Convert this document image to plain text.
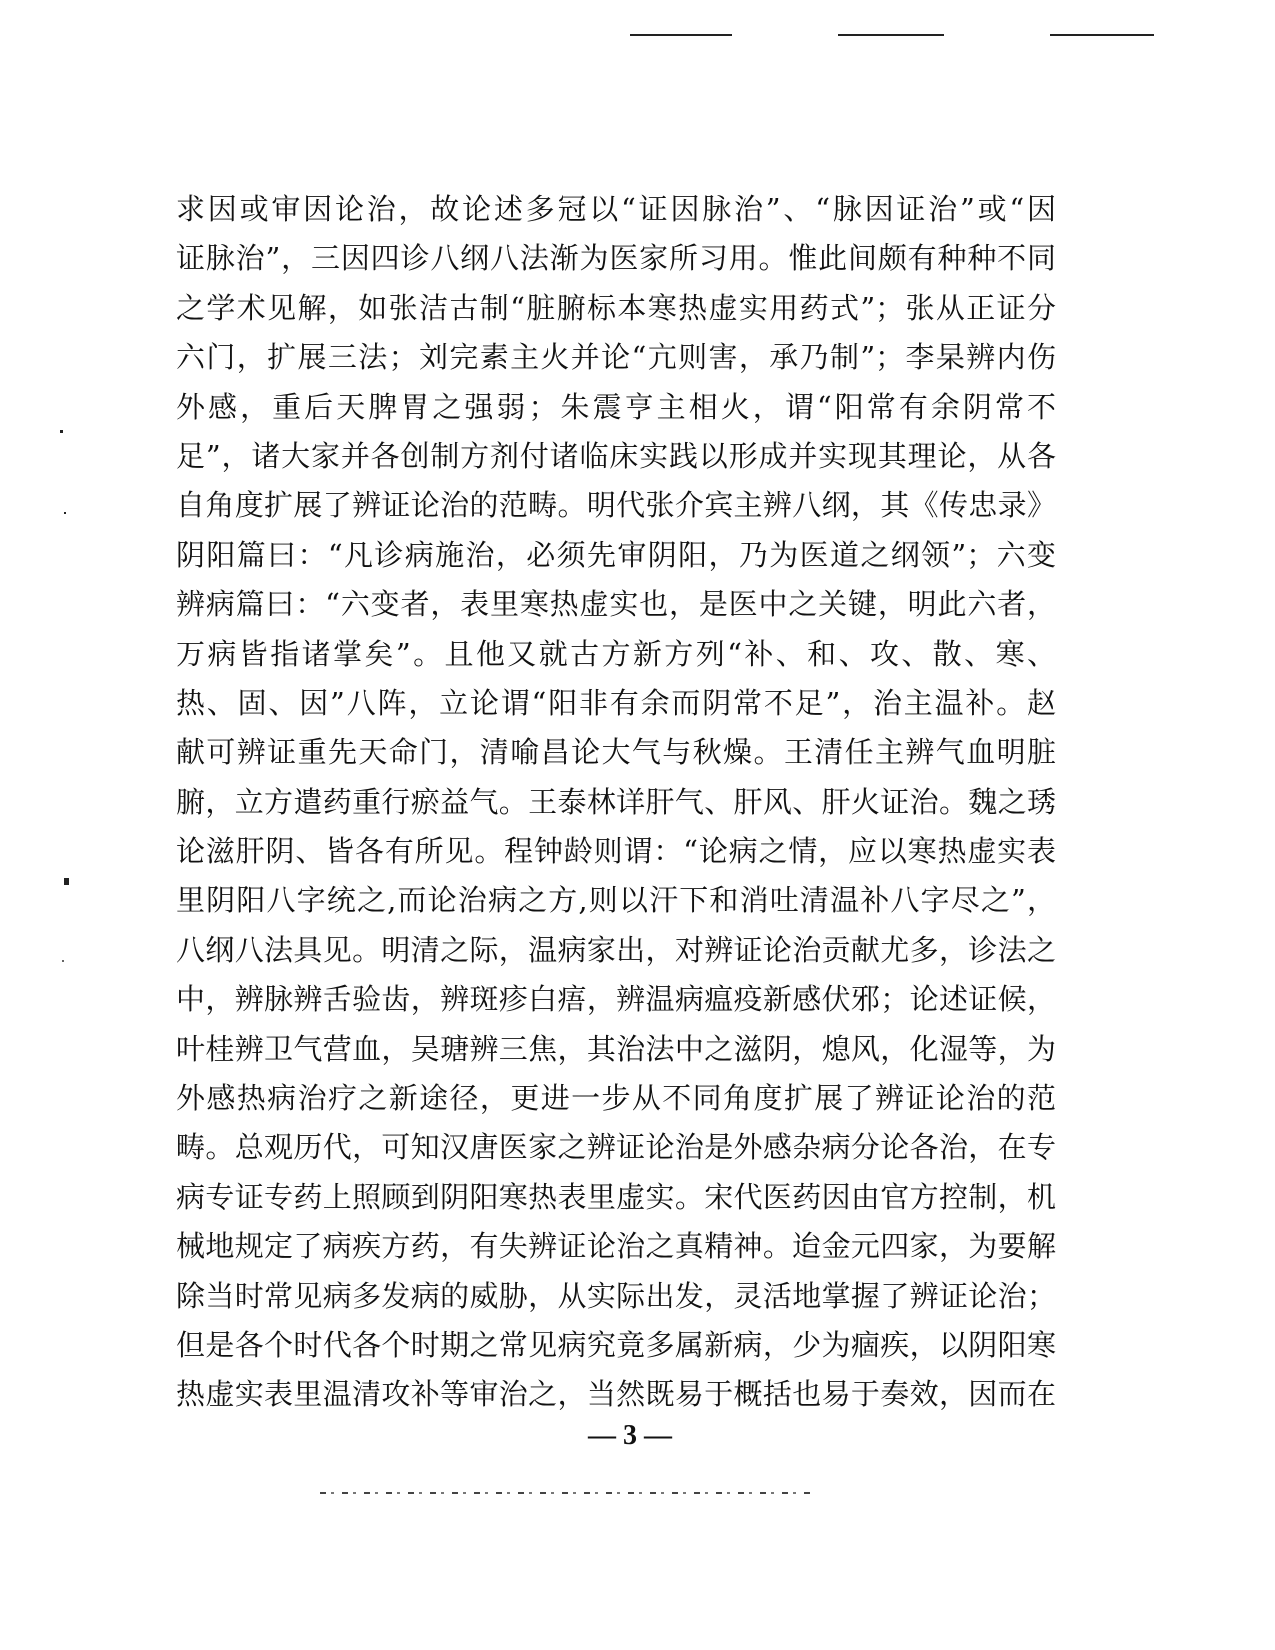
求因或审因论治，故论述多冠以“证因脉治”、“脉因证治”或“因
证脉治”，三因四诊八纲八法渐为医家所习用。惟此间颇有种种不同
之学术见解，如张洁古制“脏腑标本寒热虚实用药式”；张从正证分
六门，扩展三法；刘完素主火并论“亢则害，承乃制”；李杲辨内伤
外感，重后天脾胃之强弱；朱震亨主相火，谓“阳常有余阴常不
足”，诸大家并各创制方剂付诸临床实践以形成并实现其理论，从各
自角度扩展了辨证论治的范畴。明代张介宾主辨八纲，其《传忠录》
阴阳篇曰：“凡诊病施治，必须先审阴阳，乃为医道之纲领”；六变
辨病篇曰：“六变者，表里寒热虚实也，是医中之关键，明此六者，
万病皆指诸掌矣”。且他又就古方新方列“补、和、攻、散、寒、
热、固、因”八阵，立论谓“阳非有余而阴常不足”，治主温补。赵
献可辨证重先天命门，清喻昌论大气与秋燥。王清任主辨气血明脏
腑，立方遣药重行瘀益气。王泰林详肝气、肝风、肝火证治。魏之琇
论滋肝阴、皆各有所见。程钟龄则谓：“论病之情，应以寒热虚实表
里阴阳八字统之,而论治病之方,则以汗下和消吐清温补八字尽之”，
八纲八法具见。明清之际，温病家出，对辨证论治贡献尤多，诊法之
中，辨脉辨舌验齿，辨斑疹白痦，辨温病瘟疫新感伏邪；论述证候，
叶桂辨卫气营血，吴瑭辨三焦，其治法中之滋阴，熄风，化湿等，为
外感热病治疗之新途径，更进一步从不同角度扩展了辨证论治的范
畴。总观历代，可知汉唐医家之辨证论治是外感杂病分论各治，在专
病专证专药上照顾到阴阳寒热表里虚实。宋代医药因由官方控制，机
械地规定了病疾方药，有失辨证论治之真精神。迨金元四家，为要解
除当时常见病多发病的威胁，从实际出发，灵活地掌握了辨证论治；
但是各个时代各个时期之常见病究竟多属新病，少为痼疾，以阴阳寒
热虚实表里温清攻补等审治之，当然既易于概括也易于奏效，因而在
— 3 —
